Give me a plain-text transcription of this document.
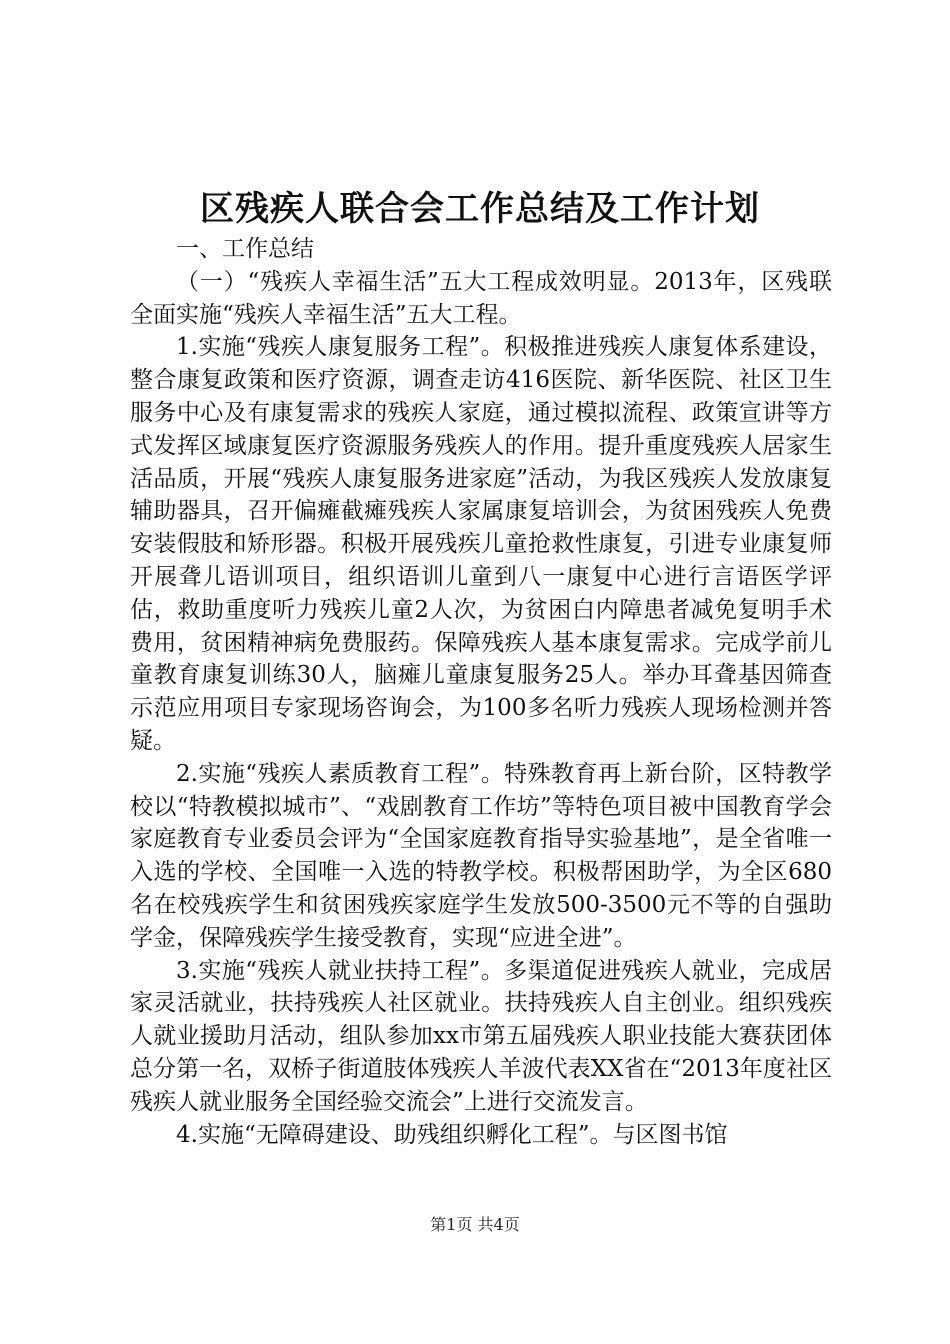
区残疾人联合会工作总结及工作计划

一、工作总结

（一）“残疾人幸福生活”五大工程成效明显。2013年，区残联全面实施“残疾人幸福生活”五大工程。

1.实施“残疾人康复服务工程”。积极推进残疾人康复体系建设，整合康复政策和医疗资源，调查走访416医院、新华医院、社区卫生服务中心及有康复需求的残疾人家庭，通过模拟流程、政策宣讲等方式发挥区域康复医疗资源服务残疾人的作用。提升重度残疾人居家生活品质，开展“残疾人康复服务进家庭”活动，为我区残疾人发放康复辅助器具，召开偏瘫截瘫残疾人家属康复培训会，为贫困残疾人免费安装假肢和矫形器。积极开展残疾儿童抢救性康复，引进专业康复师开展聋儿语训项目，组织语训儿童到八一康复中心进行言语医学评估，救助重度听力残疾儿童2人次，为贫困白内障患者减免复明手术费用，贫困精神病免费服药。保障残疾人基本康复需求。完成学前儿童教育康复训练30人，脑瘫儿童康复服务25人。举办耳聋基因筛查示范应用项目专家现场咨询会，为100多名听力残疾人现场检测并答疑。

2.实施“残疾人素质教育工程”。特殊教育再上新台阶，区特教学校以“特教模拟城市”、“戏剧教育工作坊”等特色项目被中国教育学会家庭教育专业委员会评为“全国家庭教育指导实验基地”，是全省唯一入选的学校、全国唯一入选的特教学校。积极帮困助学，为全区680名在校残疾学生和贫困残疾家庭学生发放500-3500元不等的自强助学金，保障残疾学生接受教育，实现“应进全进”。

3.实施“残疾人就业扶持工程”。多渠道促进残疾人就业，完成居家灵活就业，扶持残疾人社区就业。扶持残疾人自主创业。组织残疾人就业援助月活动，组队参加xx市第五届残疾人职业技能大赛获团体总分第一名，双桥子街道肢体残疾人羊波代表XX省在“2013年度社区残疾人就业服务全国经验交流会”上进行交流发言。

4.实施“无障碍建设、助残组织孵化工程”。与区图书馆

第1页 共4页
